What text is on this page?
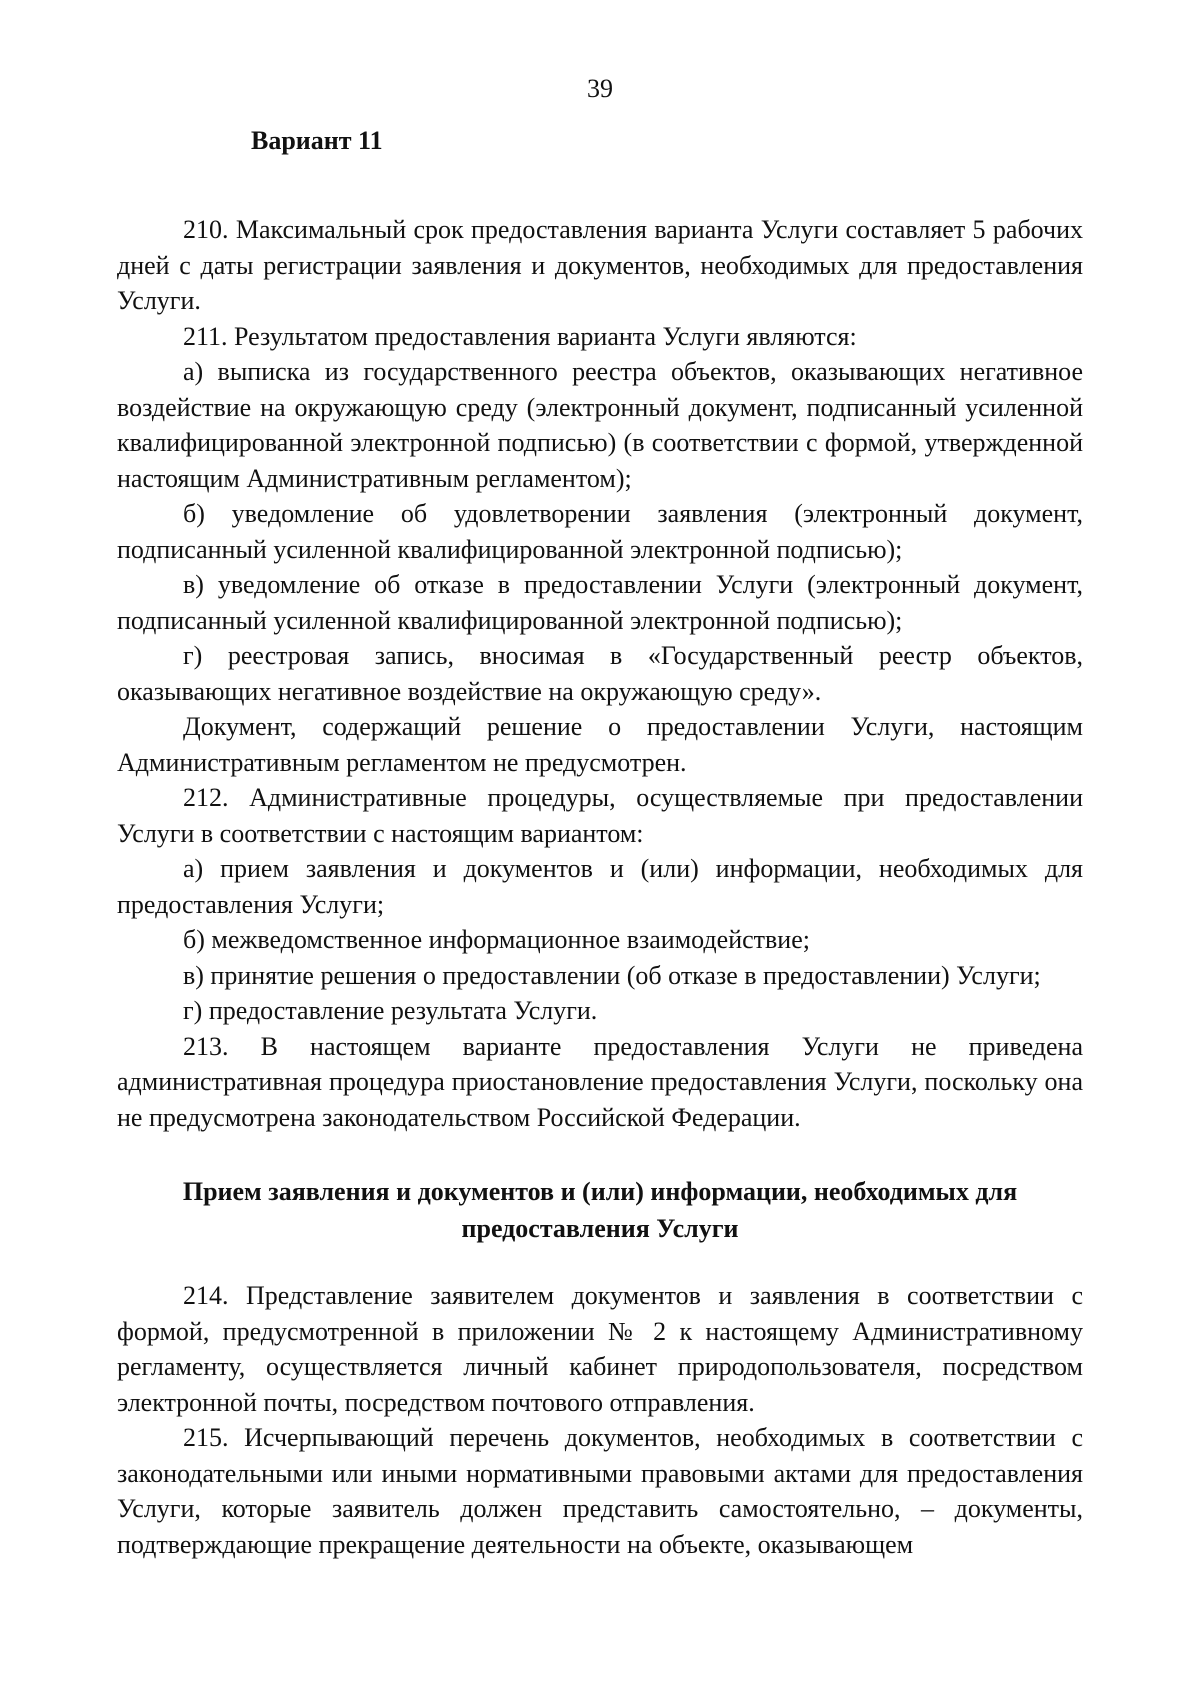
39
Вариант 11

210. Максимальный срок предоставления варианта Услуги составляет 5 рабочих дней с даты регистрации заявления и документов, необходимых для предоставления Услуги.

211. Результатом предоставления варианта Услуги являются:

а) выписка из государственного реестра объектов, оказывающих негативное воздействие на окружающую среду (электронный документ, подписанный усиленной квалифицированной электронной подписью) (в соответствии с формой, утвержденной настоящим Административным регламентом);

б) уведомление об удовлетворении заявления (электронный документ, подписанный усиленной квалифицированной электронной подписью);

в) уведомление об отказе в предоставлении Услуги (электронный документ, подписанный усиленной квалифицированной электронной подписью);

г) реестровая запись, вносимая в «Государственный реестр объектов, оказывающих негативное воздействие на окружающую среду».

Документ, содержащий решение о предоставлении Услуги, настоящим Административным регламентом не предусмотрен.

212. Административные процедуры, осуществляемые при предоставлении Услуги в соответствии с настоящим вариантом:

а) прием заявления и документов и (или) информации, необходимых для предоставления Услуги;

б) межведомственное информационное взаимодействие;

в) принятие решения о предоставлении (об отказе в предоставлении) Услуги;

г) предоставление результата Услуги.

213. В настоящем варианте предоставления Услуги не приведена административная процедура приостановление предоставления Услуги, поскольку она не предусмотрена законодательством Российской Федерации.

Прием заявления и документов и (или) информации, необходимых для
предоставления Услуги

214. Представление заявителем документов и заявления в соответствии с формой, предусмотренной в приложении № 2 к настоящему Административному регламенту, осуществляется личный кабинет природопользователя, посредством электронной почты, посредством почтового отправления.

215. Исчерпывающий перечень документов, необходимых в соответствии с законодательными или иными нормативными правовыми актами для предоставления Услуги, которые заявитель должен представить самостоятельно, – документы, подтверждающие прекращение деятельности на объекте, оказывающем
